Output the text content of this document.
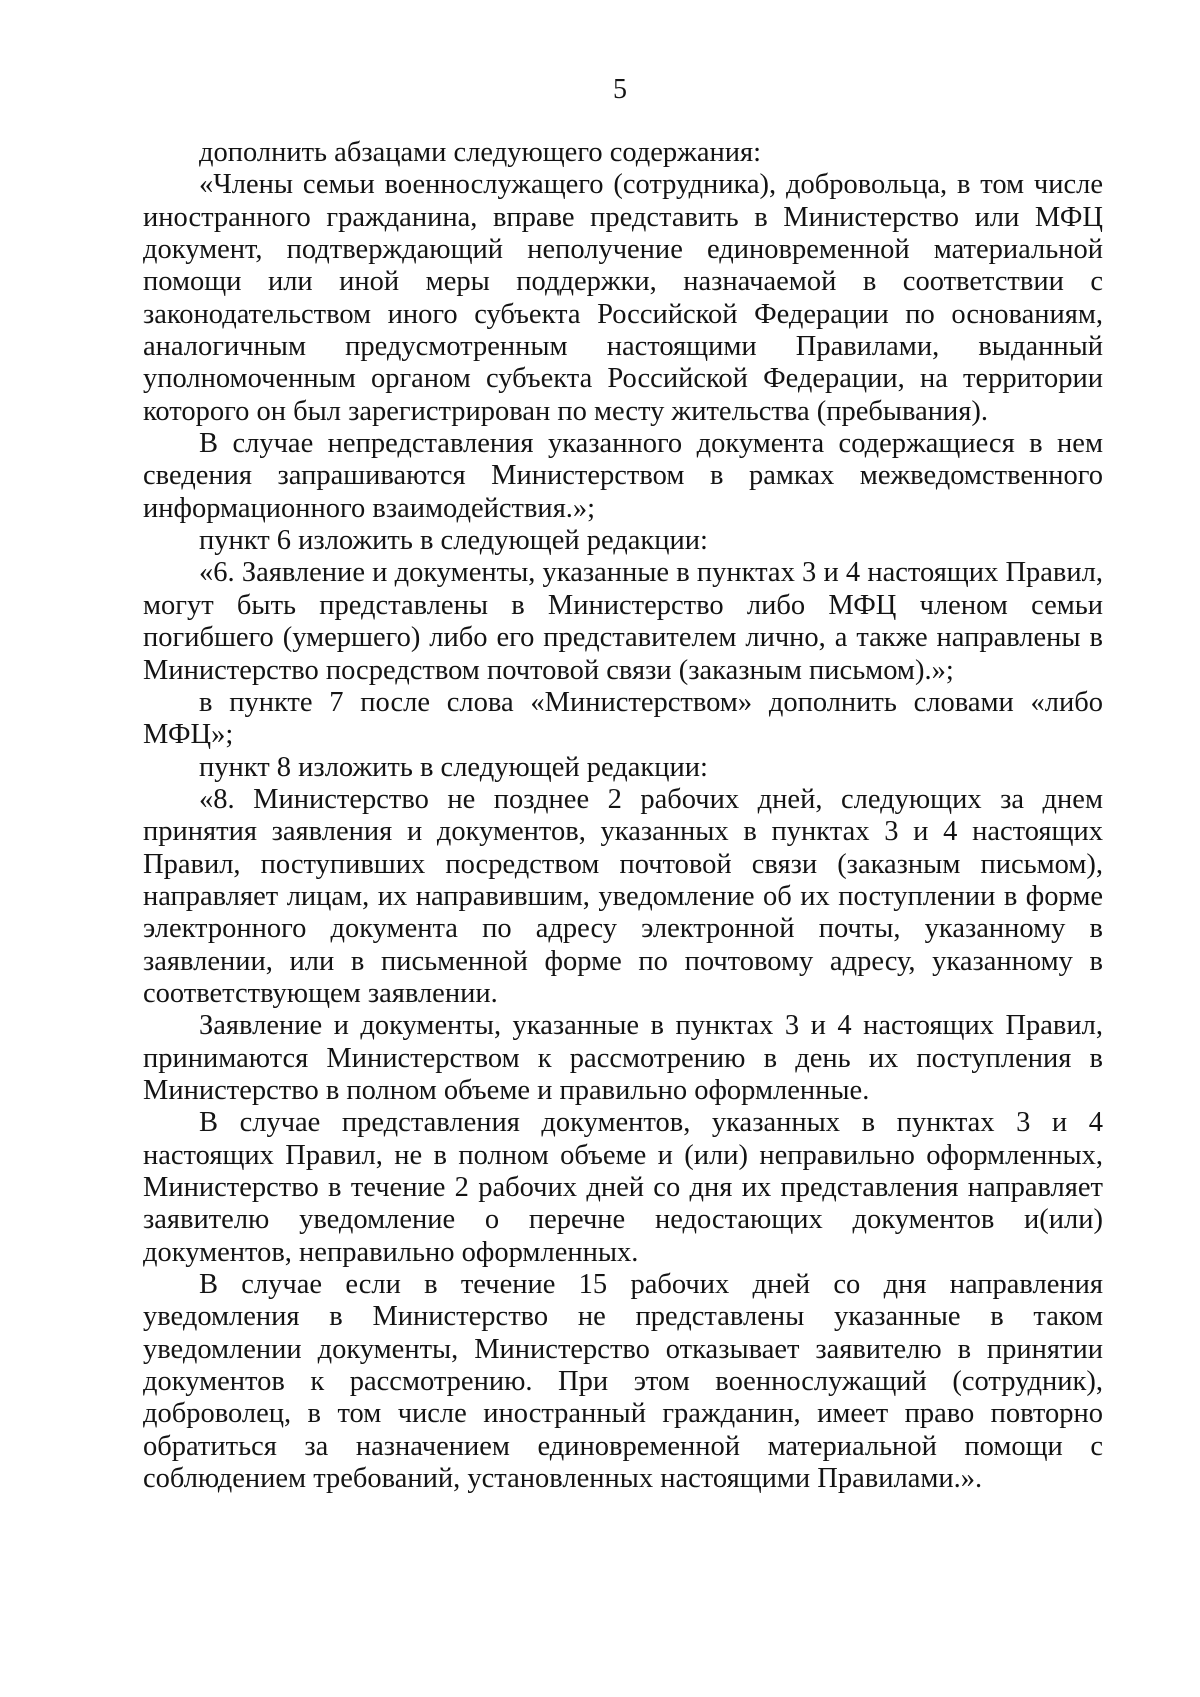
5

дополнить абзацами следующего содержания:

«Члены семьи военнослужащего (сотрудника), добровольца, в том числе иностранного гражданина, вправе представить в Министерство или МФЦ документ, подтверждающий неполучение единовременной материальной помощи или иной меры поддержки, назначаемой в соответствии с законодательством иного субъекта Российской Федерации по основаниям, аналогичным предусмотренным настоящими Правилами, выданный уполномоченным органом субъекта Российской Федерации, на территории которого он был зарегистрирован по месту жительства (пребывания).

В случае непредставления указанного документа содержащиеся в нем сведения запрашиваются Министерством в рамках межведомственного информационного взаимодействия.»;

пункт 6 изложить в следующей редакции:

«6. Заявление и документы, указанные в пунктах 3 и 4 настоящих Правил, могут быть представлены в Министерство либо МФЦ членом семьи погибшего (умершего) либо его представителем лично, а также направлены в Министерство посредством почтовой связи (заказным письмом).»;

в пункте 7 после слова «Министерством» дополнить словами «либо МФЦ»;

пункт 8 изложить в следующей редакции:

«8. Министерство не позднее 2 рабочих дней, следующих за днем принятия заявления и документов, указанных в пунктах 3 и 4 настоящих Правил, поступивших посредством почтовой связи (заказным письмом), направляет лицам, их направившим, уведомление об их поступлении в форме электронного документа по адресу электронной почты, указанному в заявлении, или в письменной форме по почтовому адресу, указанному в соответствующем заявлении.

Заявление и документы, указанные в пунктах 3 и 4 настоящих Правил, принимаются Министерством к рассмотрению в день их поступления в Министерство в полном объеме и правильно оформленные.

В случае представления документов, указанных в пунктах 3 и 4 настоящих Правил, не в полном объеме и (или) неправильно оформленных, Министерство в течение 2 рабочих дней со дня их представления направляет заявителю уведомление о перечне недостающих документов и(или) документов, неправильно оформленных.

В случае если в течение 15 рабочих дней со дня направления уведомления в Министерство не представлены указанные в таком уведомлении документы, Министерство отказывает заявителю в принятии документов к рассмотрению. При этом военнослужащий (сотрудник), доброволец, в том числе иностранный гражданин, имеет право повторно обратиться за назначением единовременной материальной помощи с соблюдением требований, установленных настоящими Правилами.».
